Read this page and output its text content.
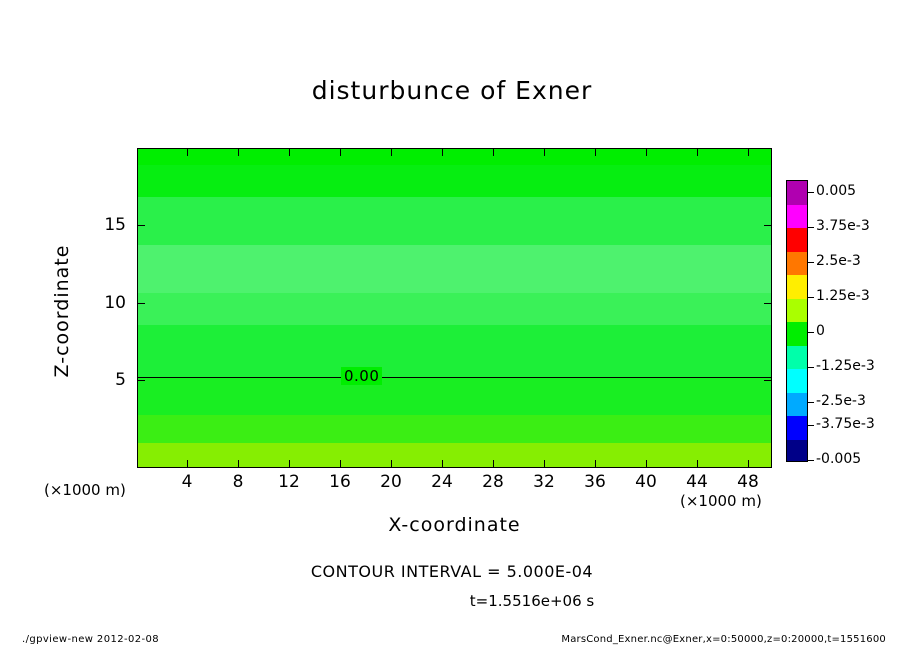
disturbunce of Exner
0.00
4	8	12	16	20	24	28	32	36	40	44	48
5
10
15
Z-coordinate
X-coordinate
(×1000 m)
(×1000 m)
CONTOUR INTERVAL = 5.000E-04
t=1.5516e+06 s
0.005
3.75e-3
2.5e-3
1.25e-3
0
-1.25e-3
-2.5e-3
-3.75e-3
-0.005
./gpview-new 2012-02-08	MarsCond_Exner.nc@Exner,x=0:50000,z=0:20000,t=1551600
